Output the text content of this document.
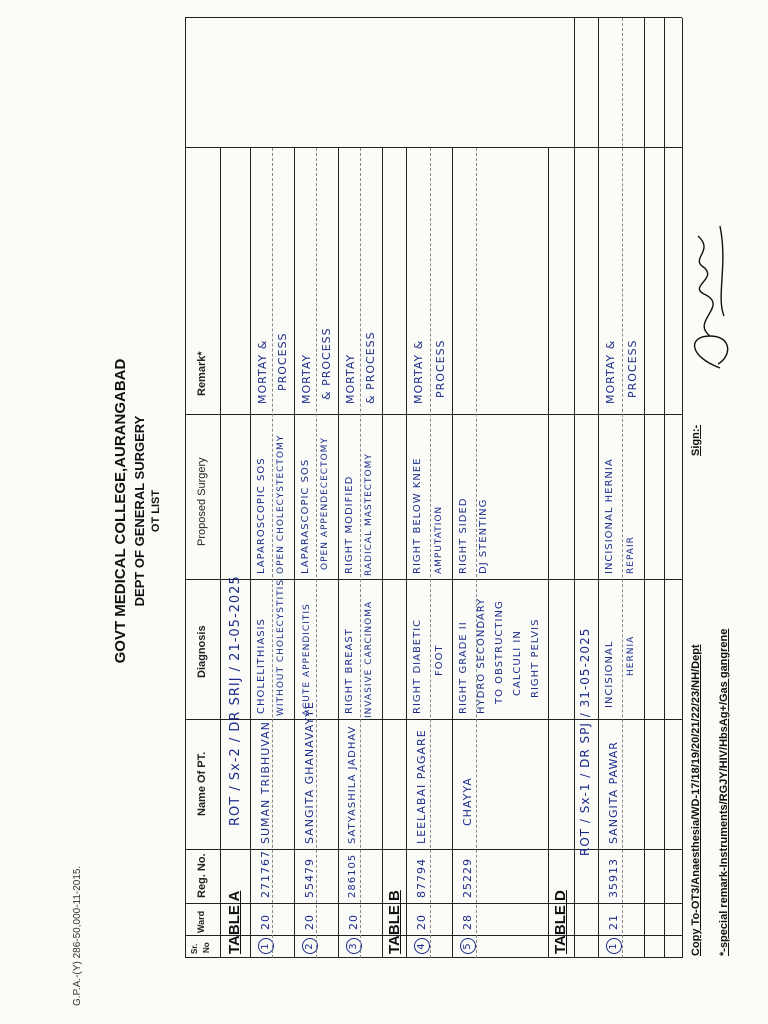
G.P.A.-(Y) 286-50,000-11-2015.
GOVT MEDICAL COLLEGE,AURANGABAD DEPT OF GENERAL SURGERY OT LIST
Sr. No
Ward
Reg. No.
Name Of PT.
Diagnosis
Proposed Surgery
Remark*
TABLE A
ROT / Sx-2 / DR SRIJ / 21-05-2025
1
20
271767
SUMAN TRIBHUVAN
CHOLELITHIASIS WITHOUT CHOLECYSTITIS
LAPAROSCOPIC SOS OPEN CHOLECYSTECTOMY
MORTAY & PROCESS
2
20
55479
SANGITA GHANAVAYYE
ACUTE APPENDICITIS
LAPARASCOPIC SOS OPEN APPENDECECTOMY
MORTAY & PROCESS
3
20
286105
SATYASHILA JADHAV
RIGHT BREAST INVASIVE CARCINOMA
RIGHT MODIFIED RADICAL MASTECTOMY
MORTAY & PROCESS
TABLE B 4
20
87794
LEELABAI PAGARE
RIGHT DIABETIC FOOT
RIGHT BELOW KNEE AMPUTATION
MORTAY & PROCESS
5
28
25229
CHAYYA
RIGHT GRADE II HYDRO SECONDARY TO OBSTRUCTING CALCULI IN RIGHT PELVIS
RIGHT SIDED DJ STENTING
TABLE D
ROT / Sx-1 / DR SPJ / 31-05-2025
1
21
35913
SANGITA PAWAR
INCISIONAL HERNIA
INCISIONAL HERNIA REPAIR
MORTAY & PROCESS
Copy To-OT3/Anaesthesia/WD-17/18/19/20/21/22/23/NH/Dept
Sign:-
*-special remark-Instruments/RGJY/HIV/HbsAg+/Gas gangrene
